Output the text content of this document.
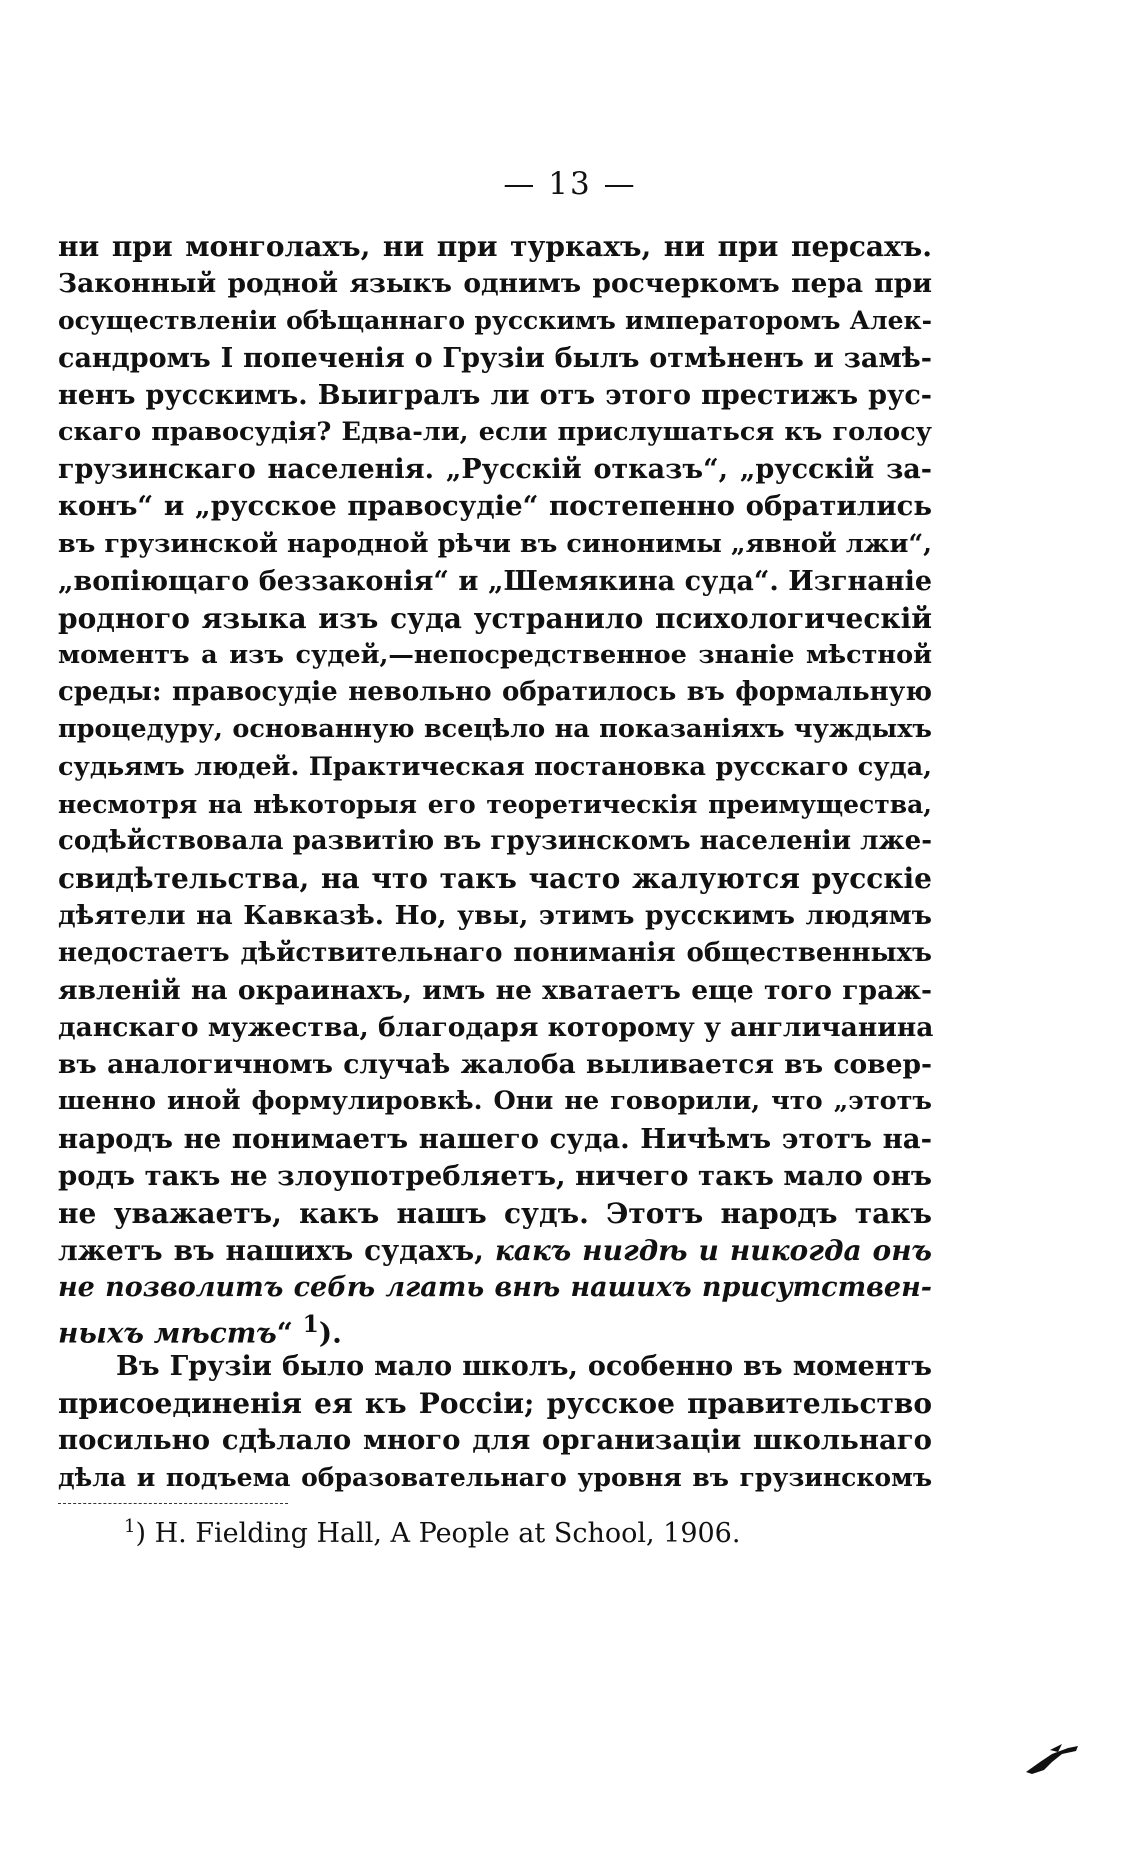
— 13 —
ни при монголахъ, ни при туркахъ, ни при персахъ.
Законный родной языкъ однимъ росчеркомъ пера при
осуществленіи обѣщаннаго русскимъ императоромъ Алек-
сандромъ I попеченія о Грузіи былъ отмѣненъ и замѣ-
ненъ русскимъ. Выигралъ ли отъ этого престижъ рус-
скаго правосудія? Едва-ли, если прислушаться къ голосу
грузинскаго населенія. „Русскій отказъ“, „русскій за-
конъ“ и „русское правосудіе“ постепенно обратились
въ грузинской народной рѣчи въ синонимы „явной лжи“,
„вопіющаго беззаконія“ и „Шемякина суда“. Изгнаніе
родного языка изъ суда устранило психологическій
моментъ а изъ судей,—непосредственное знаніе мѣстной
среды: правосудіе невольно обратилось въ формальную
процедуру, основанную всецѣло на показаніяхъ чуждыхъ
судьямъ людей. Практическая постановка русскаго суда,
несмотря на нѣкоторыя его теоретическія преимущества,
содѣйствовала развитію въ грузинскомъ населеніи лже-
свидѣтельства, на что такъ часто жалуются русскіе
дѣятели на Кавказѣ. Но, увы, этимъ русскимъ людямъ
недостаетъ дѣйствительнаго пониманія общественныхъ
явленій на окраинахъ, имъ не хватаетъ еще того граж-
данскаго мужества, благодаря которому у англичанина
въ аналогичномъ случаѣ жалоба выливается въ совер-
шенно иной формулировкѣ. Они не говорили, что „этотъ
народъ не понимаетъ нашего суда. Ничѣмъ этотъ на-
родъ такъ не злоупотребляетъ, ничего такъ мало онъ
не уважаетъ, какъ нашъ судъ. Этотъ народъ такъ
лжетъ въ нашихъ судахъ, какъ нигдѣ и никогда онъ
не позволитъ себѣ лгать внѣ нашихъ присутствен-
ныхъ мѣстъ“ $^1$).
Въ Грузіи было мало школъ, особенно въ моментъ
присоединенія ея къ Россіи; русское правительство
посильно сдѣлало много для организаціи школьнаго
дѣла и подъема образовательнаго уровня въ грузинскомъ
$^1$) H. Fielding Hall, A People at School, 1906.
